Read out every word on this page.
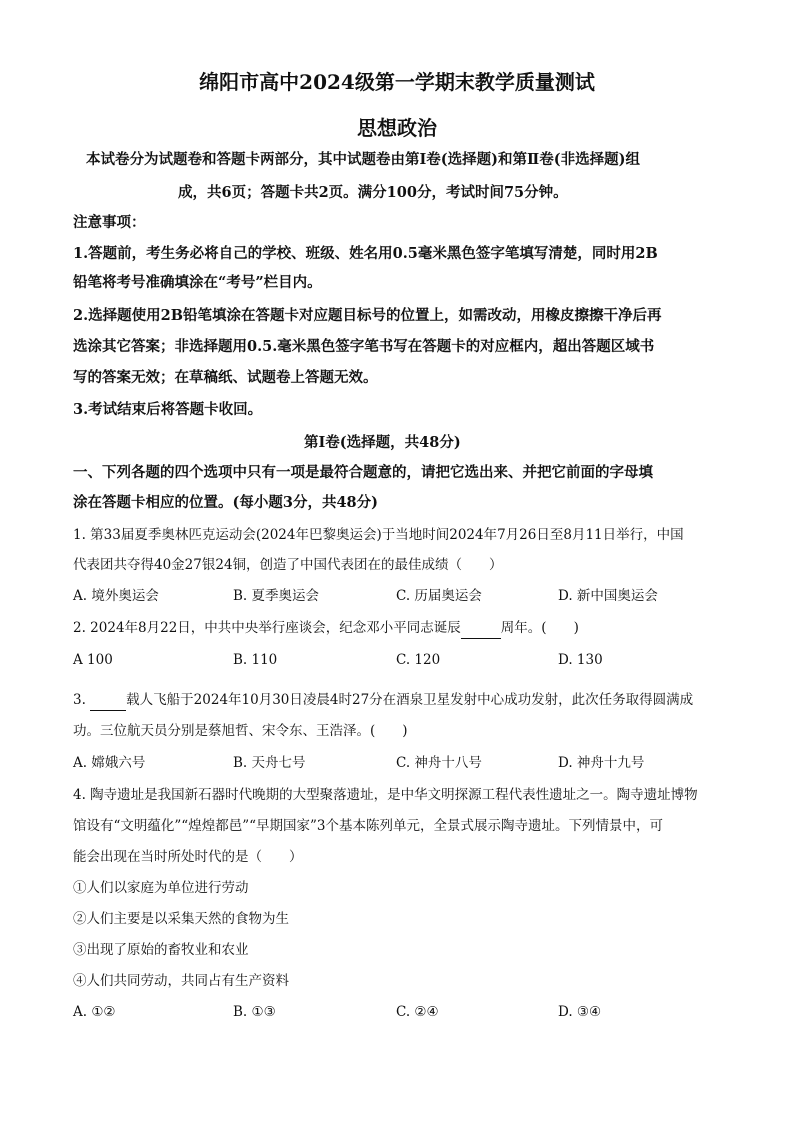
绵阳市高中2024级第一学期末教学质量测试
思想政治
本试卷分为试题卷和答题卡两部分，其中试题卷由第Ⅰ卷(选择题)和第Ⅱ卷(非选择题)组
成，共6页；答题卡共2页。满分100分，考试时间75分钟。
注意事项：
1.答题前，考生务必将自己的学校、班级、姓名用0.5毫米黑色签字笔填写清楚，同时用2B
铅笔将考号准确填涂在“考号”栏目内。
2.选择题使用2B铅笔填涂在答题卡对应题目标号的位置上，如需改动，用橡皮擦擦干净后再
选涂其它答案；非选择题用0.5.毫米黑色签字笔书写在答题卡的对应框内，超出答题区域书
写的答案无效；在草稿纸、试题卷上答题无效。
3.考试结束后将答题卡收回。
第Ⅰ卷(选择题，共48分)
一、下列各题的四个选项中只有一项是最符合题意的，请把它选出来、并把它前面的字母填
涂在答题卡相应的位置。(每小题3分，共48分)
1. 第33届夏季奥林匹克运动会(2024年巴黎奥运会)于当地时间2024年7月26日至8月11日举行，中国
代表团共夺得40金27银24铜，创造了中国代表团在的最佳成绩（　　）
A. 境外奥运会	B. 夏季奥运会	C. 历届奥运会	D. 新中国奥运会
2. 2024年8月22日，中共中央举行座谈会，纪念邓小平同志诞辰	周年。(　　)
A 100	B. 110	C. 120	D. 130
3.	载人飞船于2024年10月30日凌晨4时27分在酒泉卫星发射中心成功发射，此次任务取得圆满成
功。三位航天员分别是蔡旭哲、宋令东、王浩泽。(　　)
A. 嫦娥六号	B. 天舟七号	C. 神舟十八号	D. 神舟十九号
4. 陶寺遗址是我国新石器时代晚期的大型聚落遗址，是中华文明探源工程代表性遗址之一。陶寺遗址博物
馆设有“文明蕴化”“煌煌都邑”“早期国家”3个基本陈列单元，全景式展示陶寺遗址。下列情景中，可
能会出现在当时所处时代的是（　　）
①人们以家庭为单位进行劳动
②人们主要是以采集天然的食物为生
③出现了原始的畜牧业和农业
④人们共同劳动，共同占有生产资料
A. ①②	B. ①③	C. ②④	D. ③④
